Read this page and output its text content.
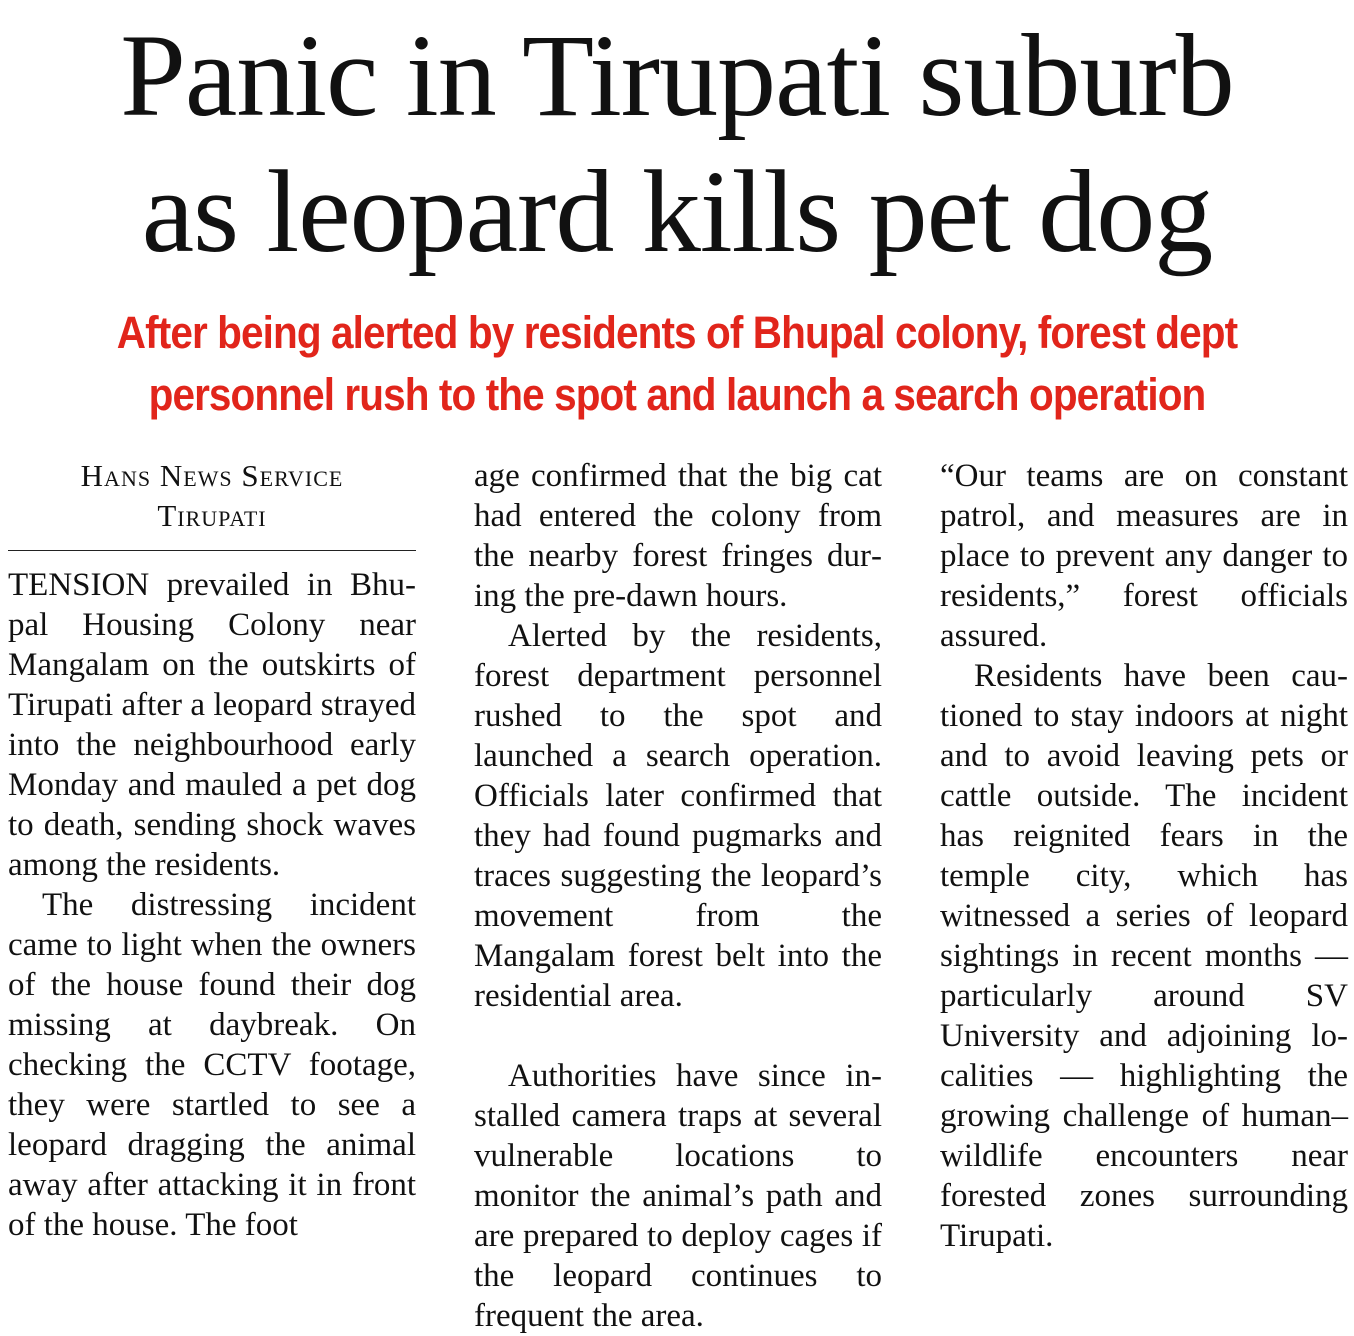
Panic in Tirupati suburb
as leopard kills pet dog
After being alerted by residents of Bhupal colony, forest dept
personnel rush to the spot and launch a search operation
Hans News Service
Tirupati

TENSION prevailed in Bhupal Housing Colony near Mangalam on the outskirts of Tirupati after a leopard strayed into the neighbourhood early Monday and mauled a pet dog to death, sending shock waves among the residents.

The distressing incident came to light when the owners of the house found their dog missing at daybreak. On checking the CCTV footage, they were startled to see a leopard dragging the animal away after attacking it in front of the house. The foot

age confirmed that the big cat had entered the colony from the nearby forest fringes during the pre-dawn hours.

Alerted by the residents, forest department personnel rushed to the spot and launched a search operation. Officials later confirmed that they had found pugmarks and traces suggesting the leopard’s movement from the Mangalam forest belt into the residential area.

Authorities have since installed camera traps at several vulnerable locations to monitor the animal’s path and are prepared to deploy cages if the leopard continues to frequent the area.

“Our teams are on constant patrol, and measures are in place to prevent any danger to residents,” forest officials assured.

Residents have been cautioned to stay indoors at night and to avoid leaving pets or cattle outside. The incident has reignited fears in the temple city, which has witnessed a series of leopard sightings in recent months — particularly around SV University and adjoining localities — highlighting the growing challenge of human–wildlife encounters near forested zones surrounding Tirupati.
